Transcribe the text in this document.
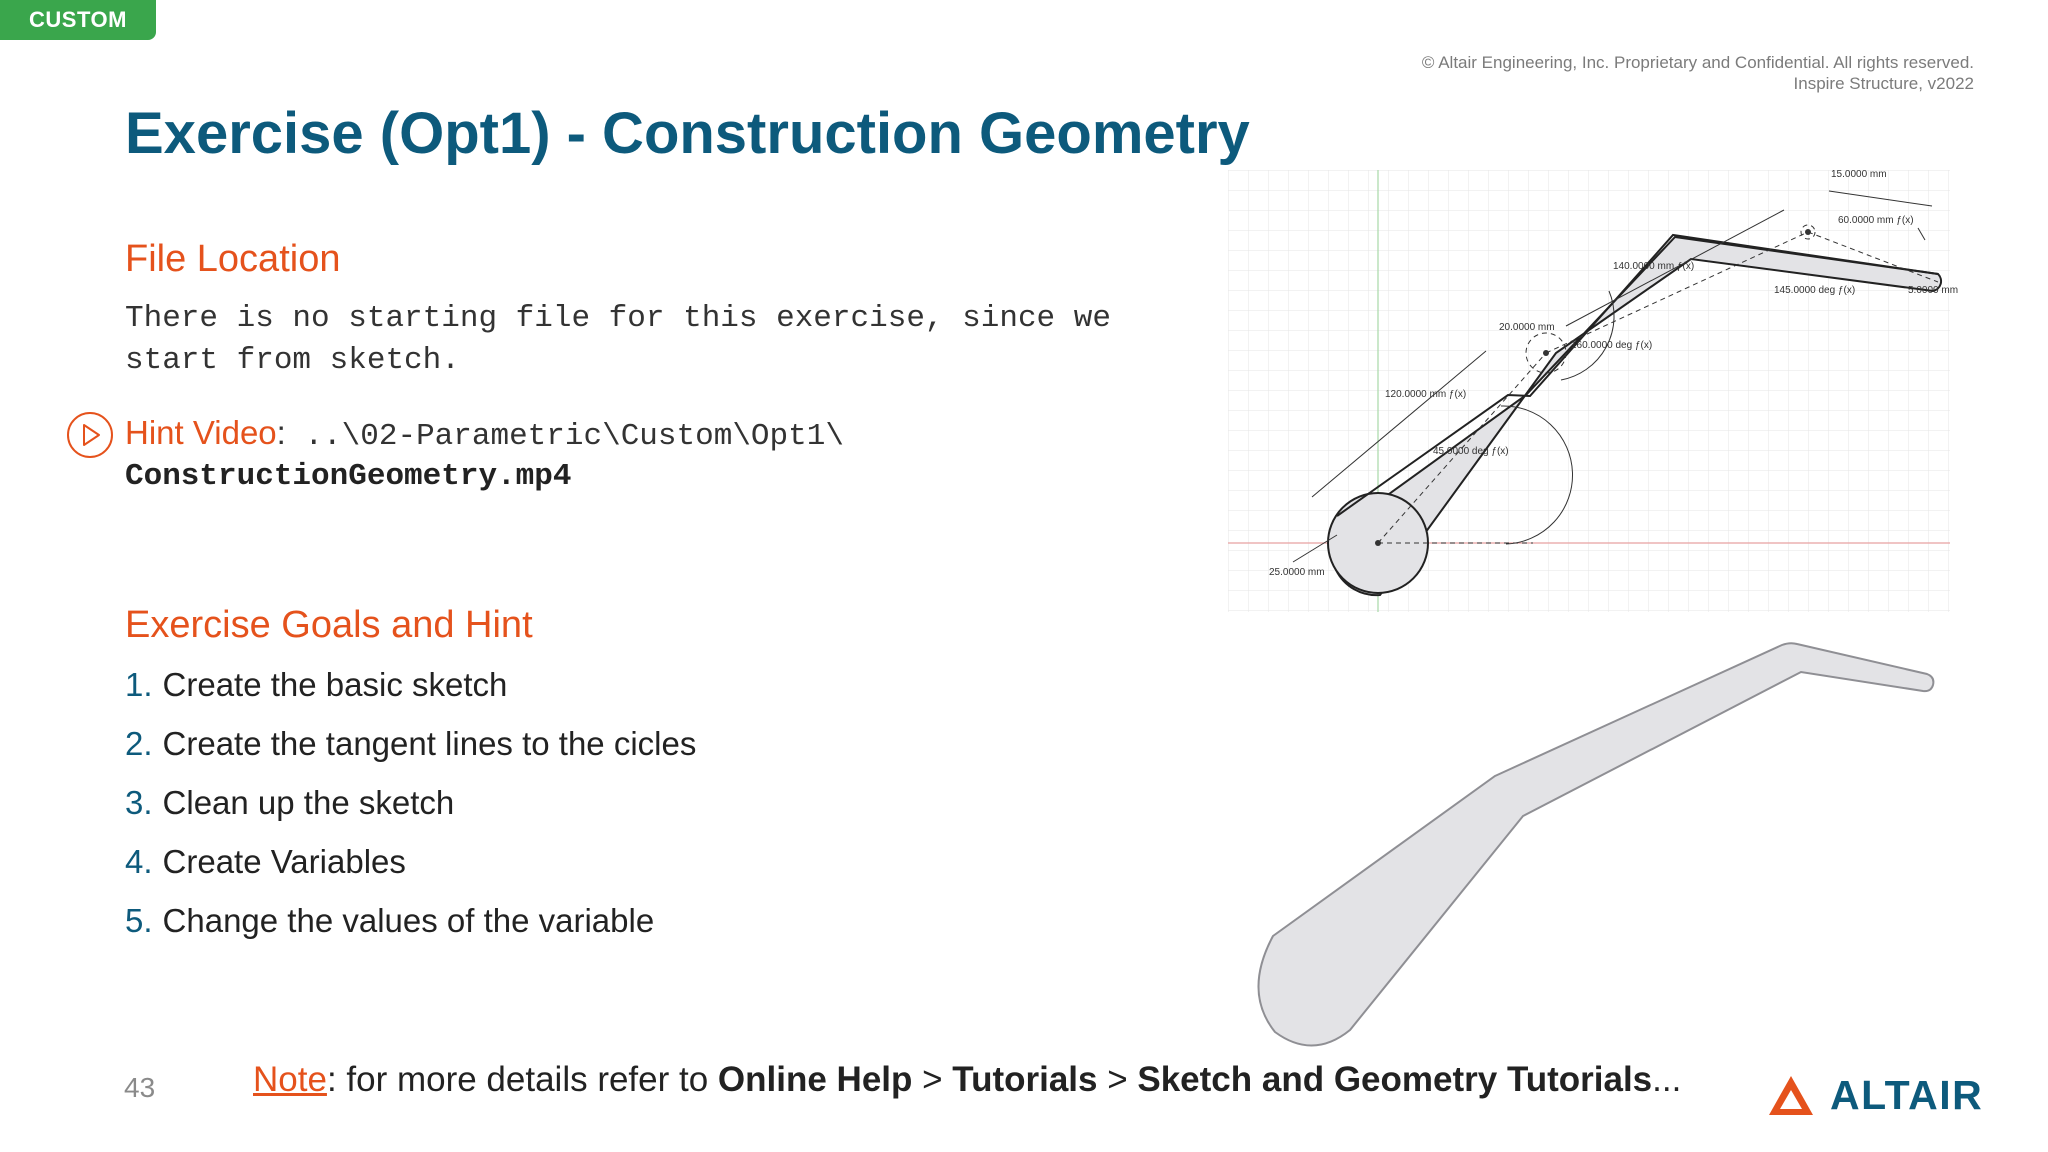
CUSTOM
© Altair Engineering, Inc. Proprietary and Confidential. All rights reserved.
Inspire Structure, v2022
Exercise (Opt1) - Construction Geometry
File Location

There is no starting file for this exercise, since we start from sketch.

Hint Video: ..\02-Parametric\Custom\Opt1\
ConstructionGeometry.mp4
Exercise Goals and Hint
1. Create the basic sketch
2. Create the tangent lines to the cicles
3. Clean up the sketch
4. Create Variables
5. Change the values of the variable
15.0000 mm
60.0000 mm ƒ(x)
140.0000 mm ƒ(x)
145.0000 deg ƒ(x)	5.0000 mm
20.0000 mm
160.0000 deg ƒ(x)
120.0000 mm ƒ(x)
45.0000 deg ƒ(x)
25.0000 mm
43	Note: for more details refer to Online Help > Tutorials > Sketch and Geometry Tutorials...	ALTAIR
